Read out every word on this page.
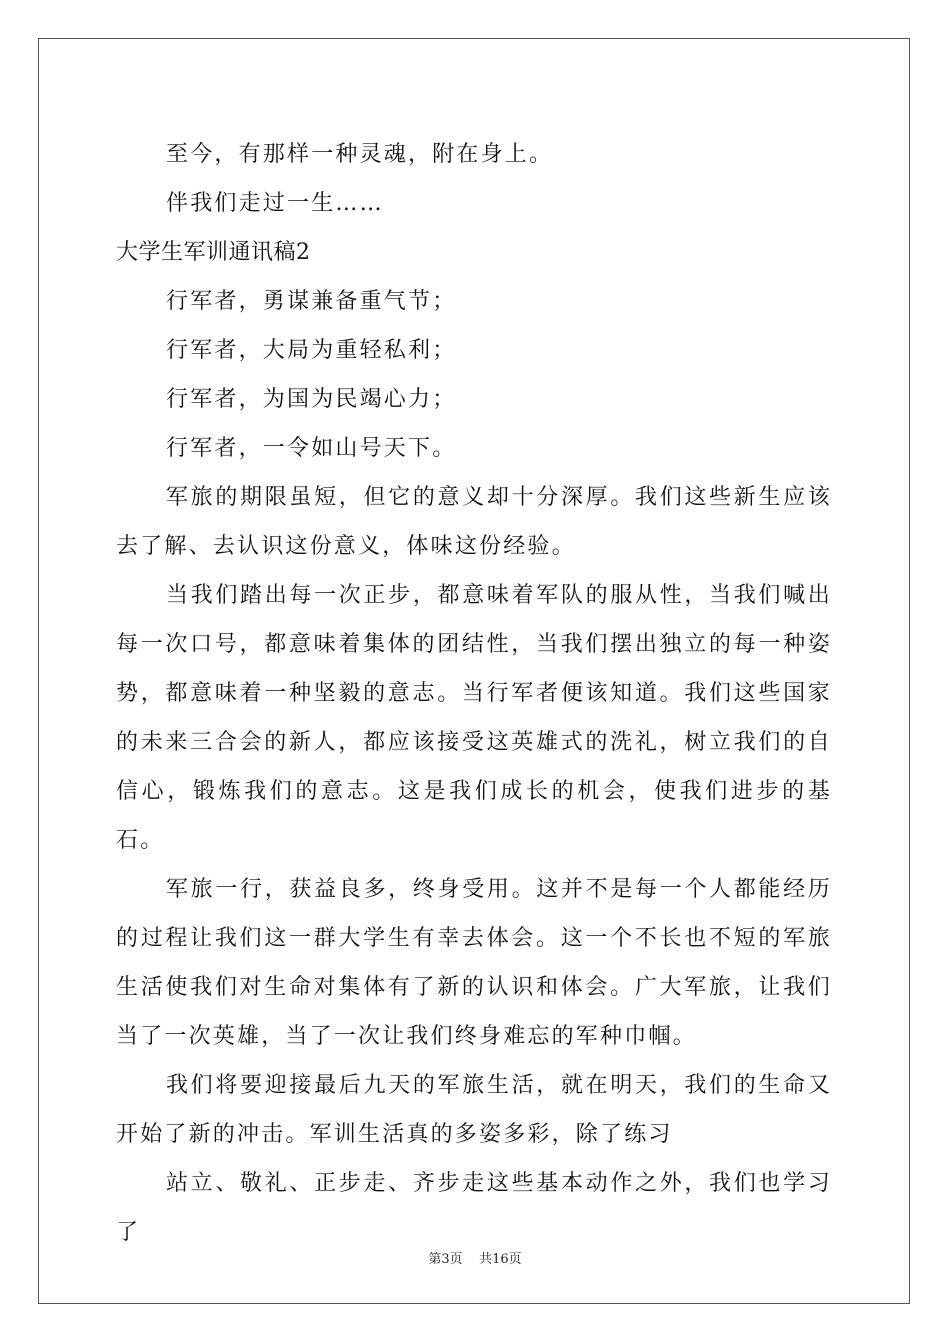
至今，有那样一种灵魂，附在身上。

伴我们走过一生……

大学生军训通讯稿2

行军者，勇谋兼备重气节；

行军者，大局为重轻私利；

行军者，为国为民竭心力；

行军者，一令如山号天下。

军旅的期限虽短，但它的意义却十分深厚。我们这些新生应该去了解、去认识这份意义，体味这份经验。

当我们踏出每一次正步，都意味着军队的服从性，当我们喊出每一次口号，都意味着集体的团结性，当我们摆出独立的每一种姿势，都意味着一种坚毅的意志。当行军者便该知道。我们这些国家的未来三合会的新人，都应该接受这英雄式的洗礼，树立我们的自信心，锻炼我们的意志。这是我们成长的机会，使我们进步的基石。

军旅一行，获益良多，终身受用。这并不是每一个人都能经历的过程让我们这一群大学生有幸去体会。这一个不长也不短的军旅生活使我们对生命对集体有了新的认识和体会。广大军旅，让我们当了一次英雄，当了一次让我们终身难忘的军种巾帼。

我们将要迎接最后九天的军旅生活，就在明天，我们的生命又开始了新的冲击。军训生活真的多姿多彩，除了练习

站立、敬礼、正步走、齐步走这些基本动作之外，我们也学习了

第3页 共16页
